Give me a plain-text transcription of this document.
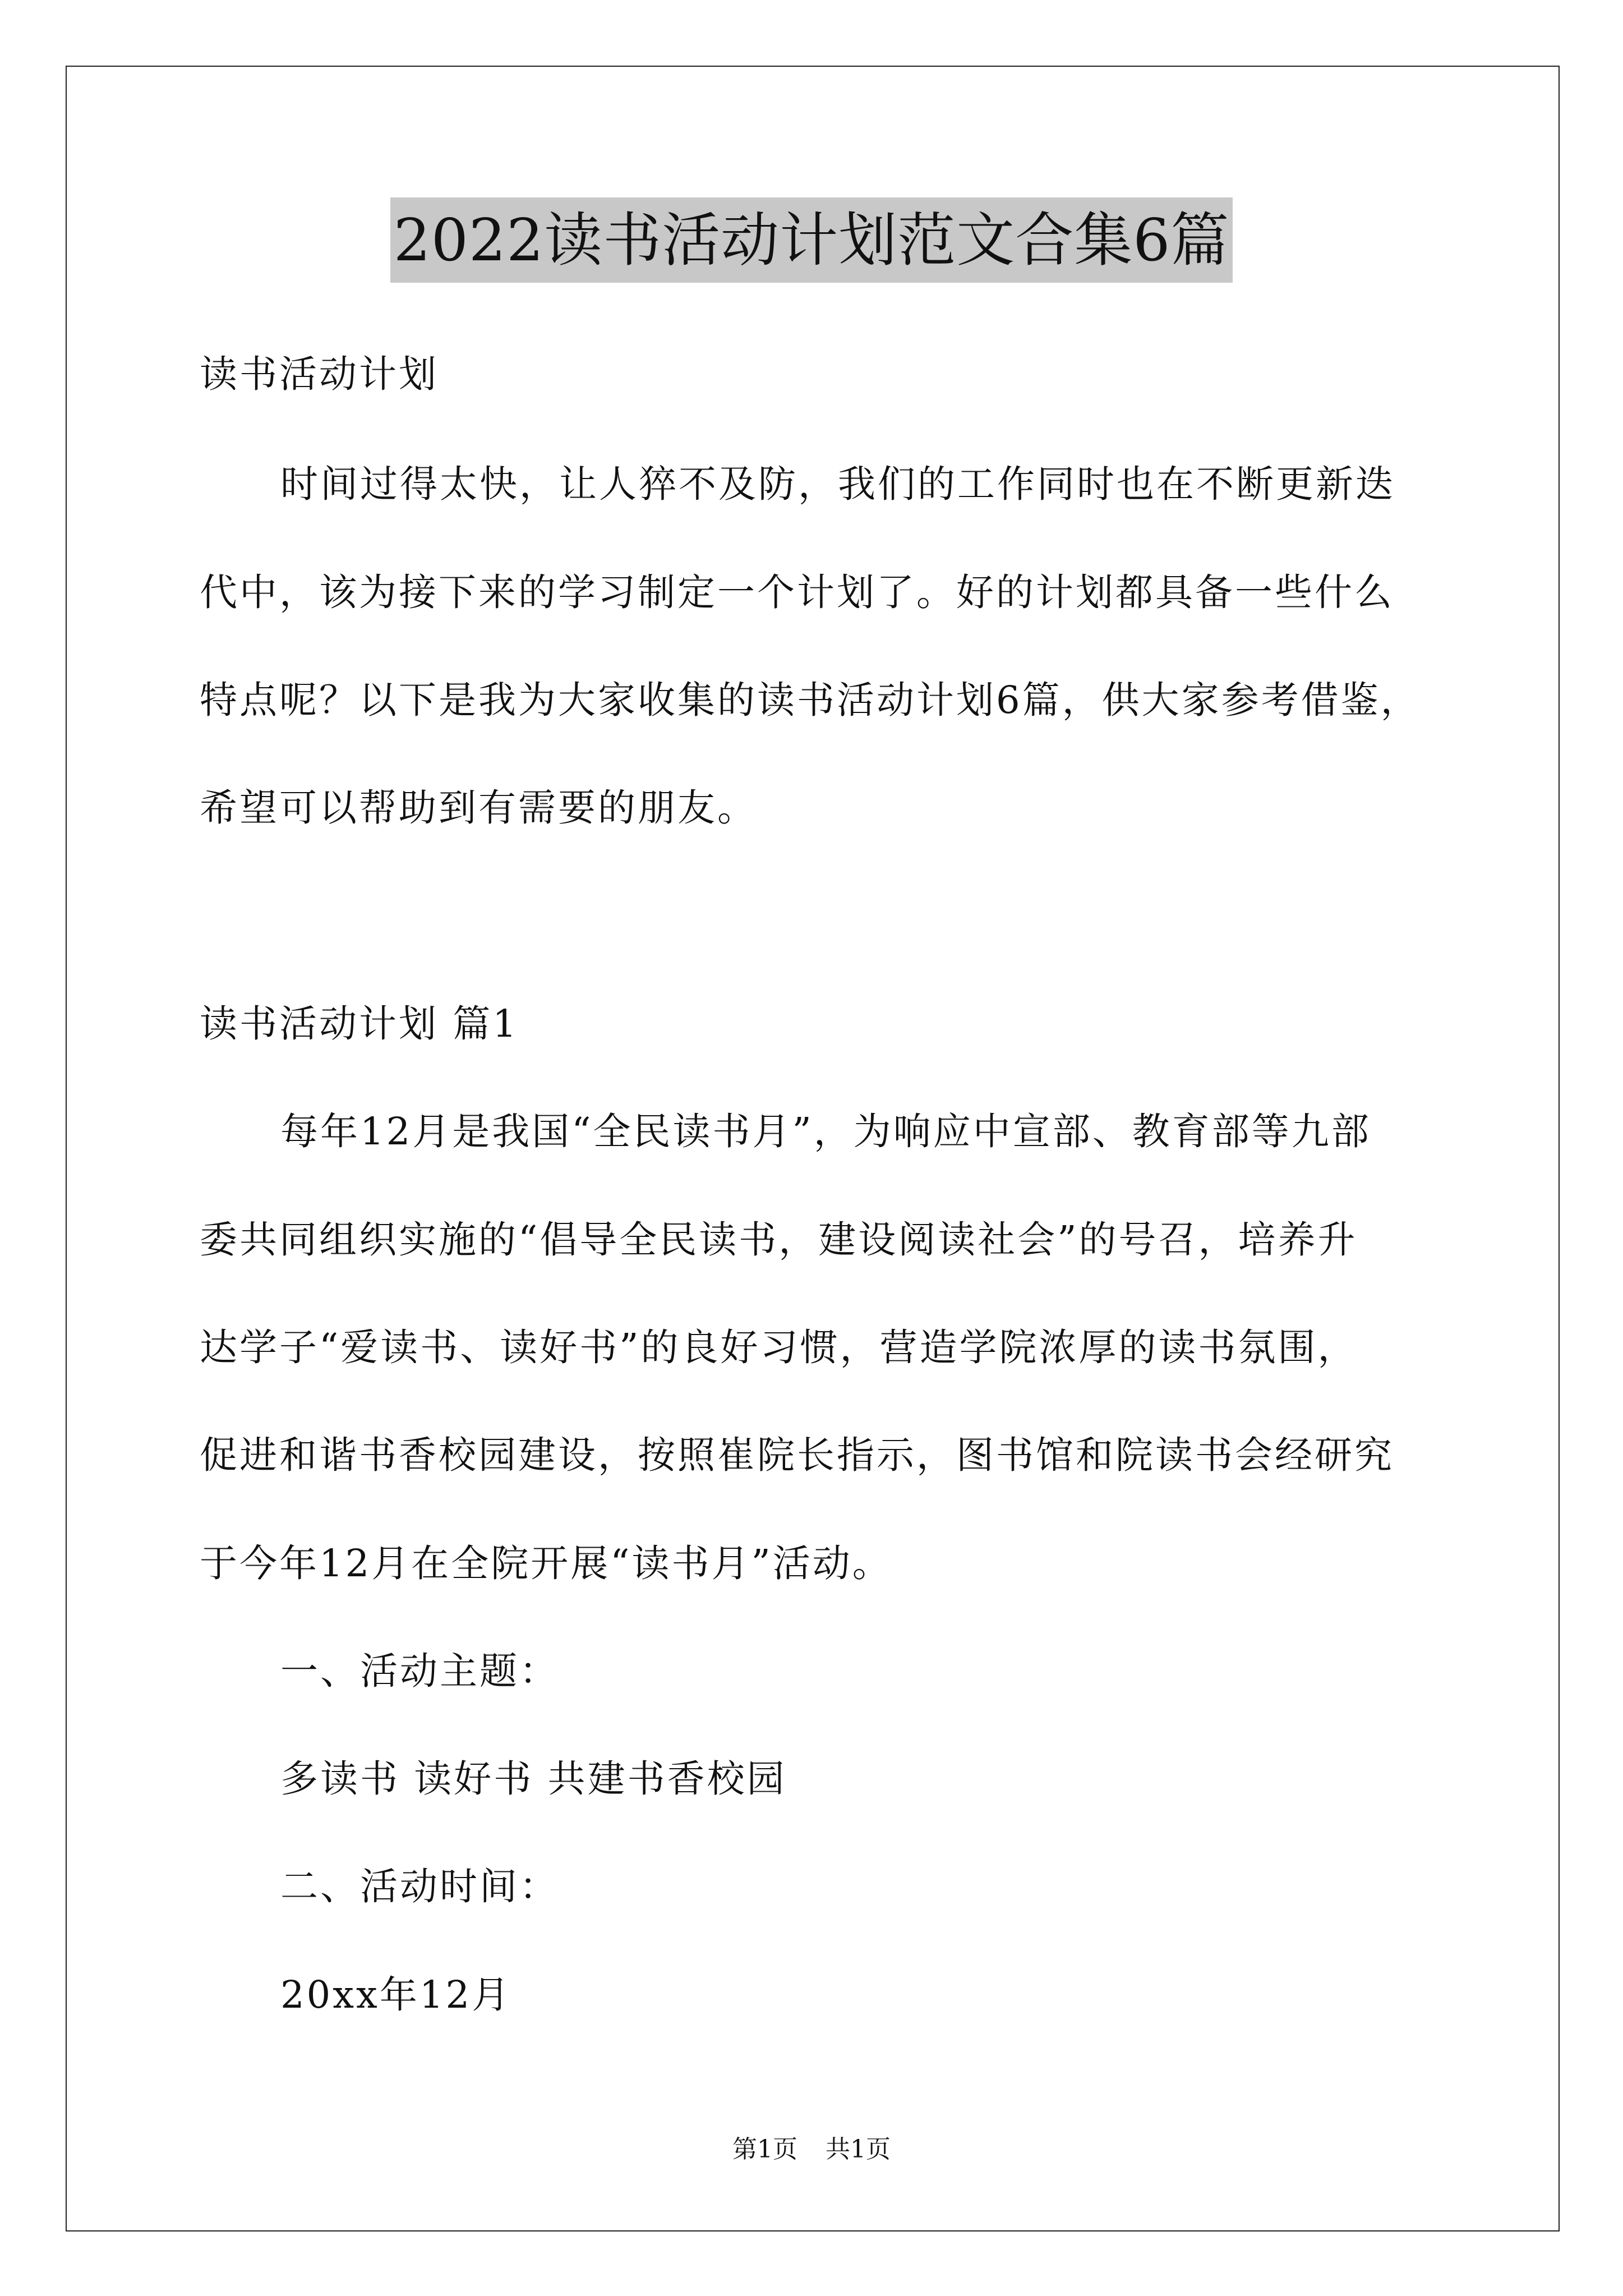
2022读书活动计划范文合集6篇
读书活动计划
时间过得太快，让人猝不及防，我们的工作同时也在不断更新迭
代中，该为接下来的学习制定一个计划了。好的计划都具备一些什么
特点呢？以下是我为大家收集的读书活动计划6篇，供大家参考借鉴，
希望可以帮助到有需要的朋友。
读书活动计划 篇1
每年12月是我国“全民读书月”，为响应中宣部、教育部等九部
委共同组织实施的“倡导全民读书，建设阅读社会”的号召，培养升
达学子“爱读书、读好书”的良好习惯，营造学院浓厚的读书氛围，
促进和谐书香校园建设，按照崔院长指示，图书馆和院读书会经研究
于今年12月在全院开展“读书月”活动。
一、活动主题：
多读书 读好书 共建书香校园
二、活动时间：
20xx年12月
第1页 共1页
